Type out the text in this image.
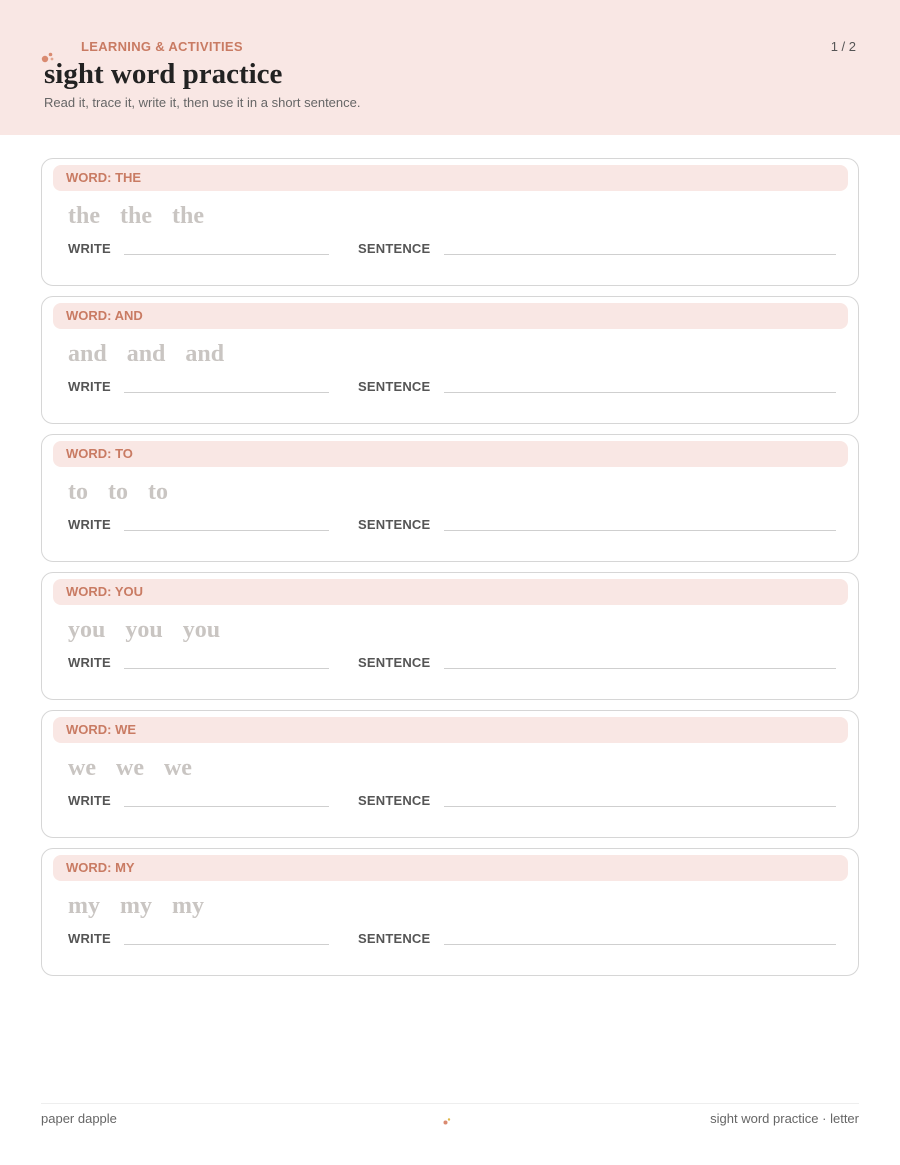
LEARNING & ACTIVITIES	1 / 2
sight word practice
Read it, trace it, write it, then use it in a short sentence.
WORD: THE
the the the
WRITE	SENTENCE
WORD: AND
and and and
WRITE	SENTENCE
WORD: TO
to to to
WRITE	SENTENCE
WORD: YOU
you you you
WRITE	SENTENCE
WORD: WE
we we we
WRITE	SENTENCE
WORD: MY
my my my
WRITE	SENTENCE
paper dapple	sight word practice · letter
